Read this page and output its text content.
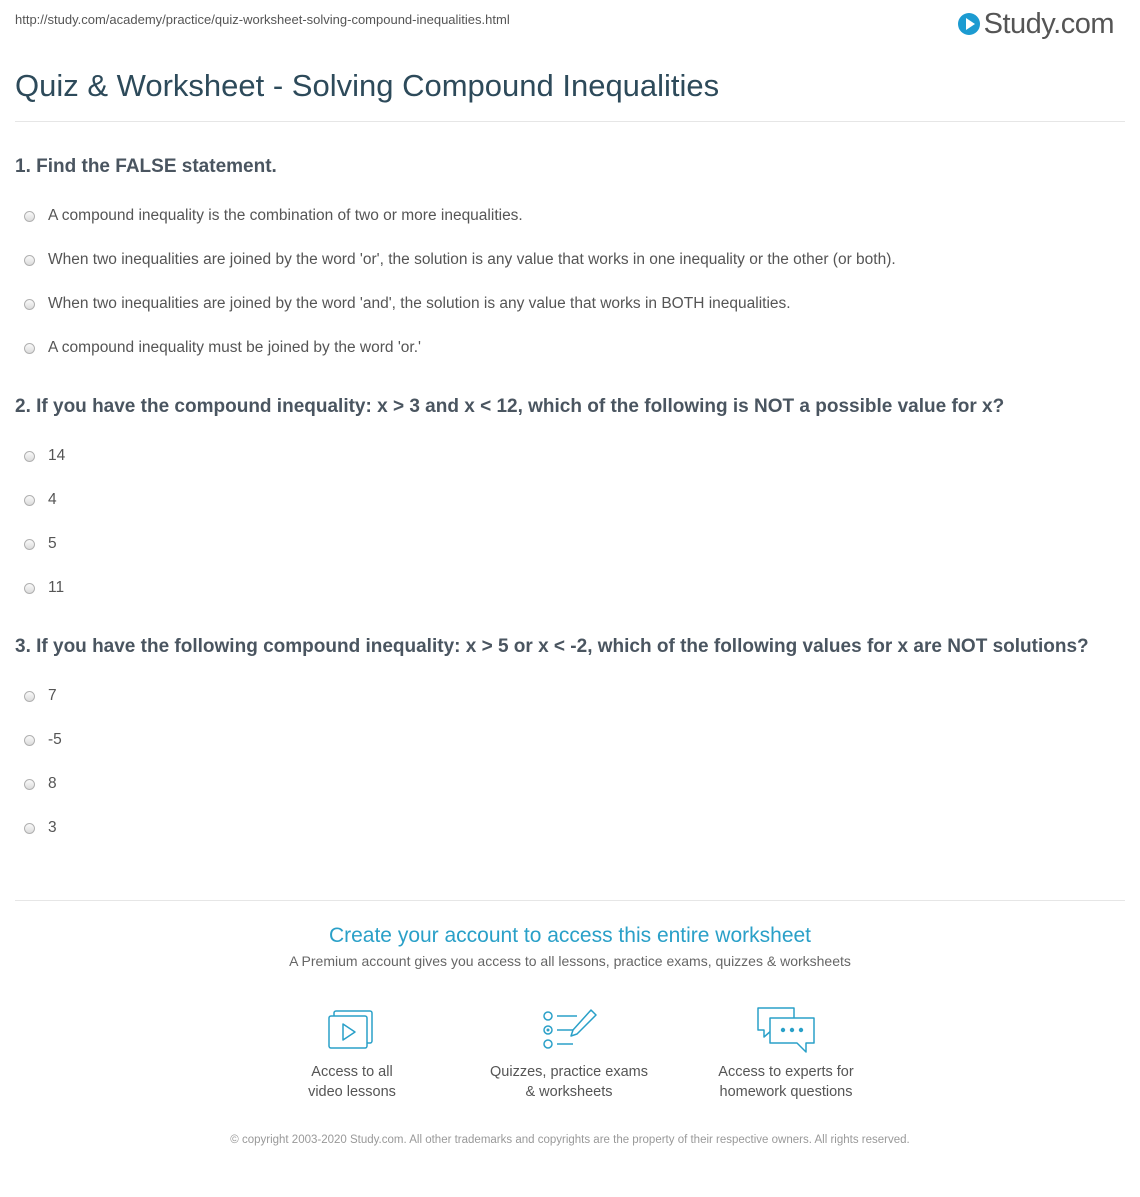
http://study.com/academy/practice/quiz-worksheet-solving-compound-inequalities.html	Study.com
Quiz & Worksheet - Solving Compound Inequalities

1. Find the FALSE statement.

A compound inequality is the combination of two or more inequalities.
When two inequalities are joined by the word 'or', the solution is any value that works in one inequality or the other (or both).
When two inequalities are joined by the word 'and', the solution is any value that works in BOTH inequalities.
A compound inequality must be joined by the word 'or.'

2. If you have the compound inequality: x > 3 and x < 12, which of the following is NOT a possible value for x?

14
4
5
11

3. If you have the following compound inequality: x > 5 or x < -2, which of the following values for x are NOT solutions?

7
-5
8
3
Create your account to access this entire worksheet
A Premium account gives you access to all lessons, practice exams, quizzes & worksheets
Access to all
video lessons
Quizzes, practice exams
& worksheets
Access to experts for
homework questions
© copyright 2003-2020 Study.com. All other trademarks and copyrights are the property of their respective owners. All rights reserved.
